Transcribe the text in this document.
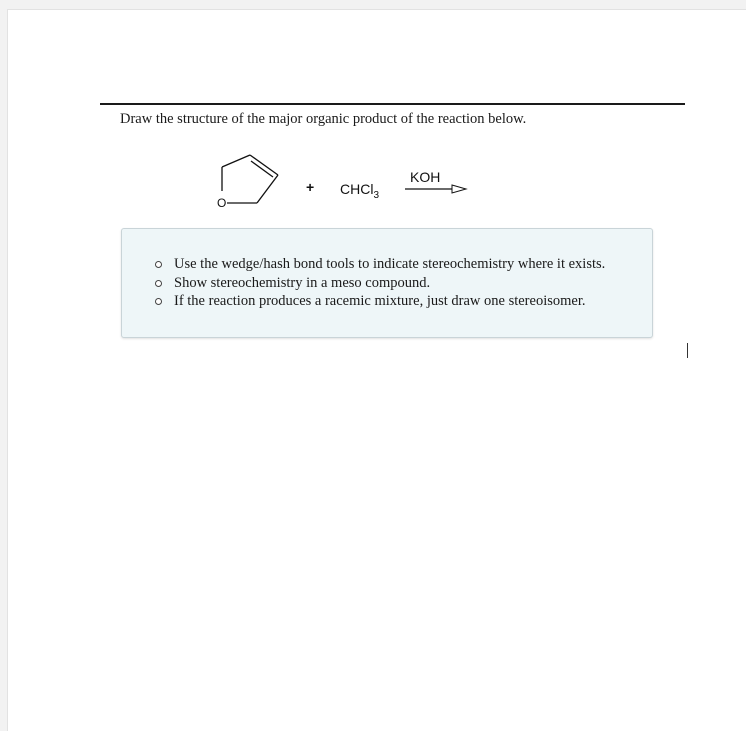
Draw the structure of the major organic product of the reaction below.
O
+ CHCl$_3$
KOH
Use the wedge/hash bond tools to indicate stereochemistry where it exists.
Show stereochemistry in a meso compound.
If the reaction produces a racemic mixture, just draw one stereoisomer.
